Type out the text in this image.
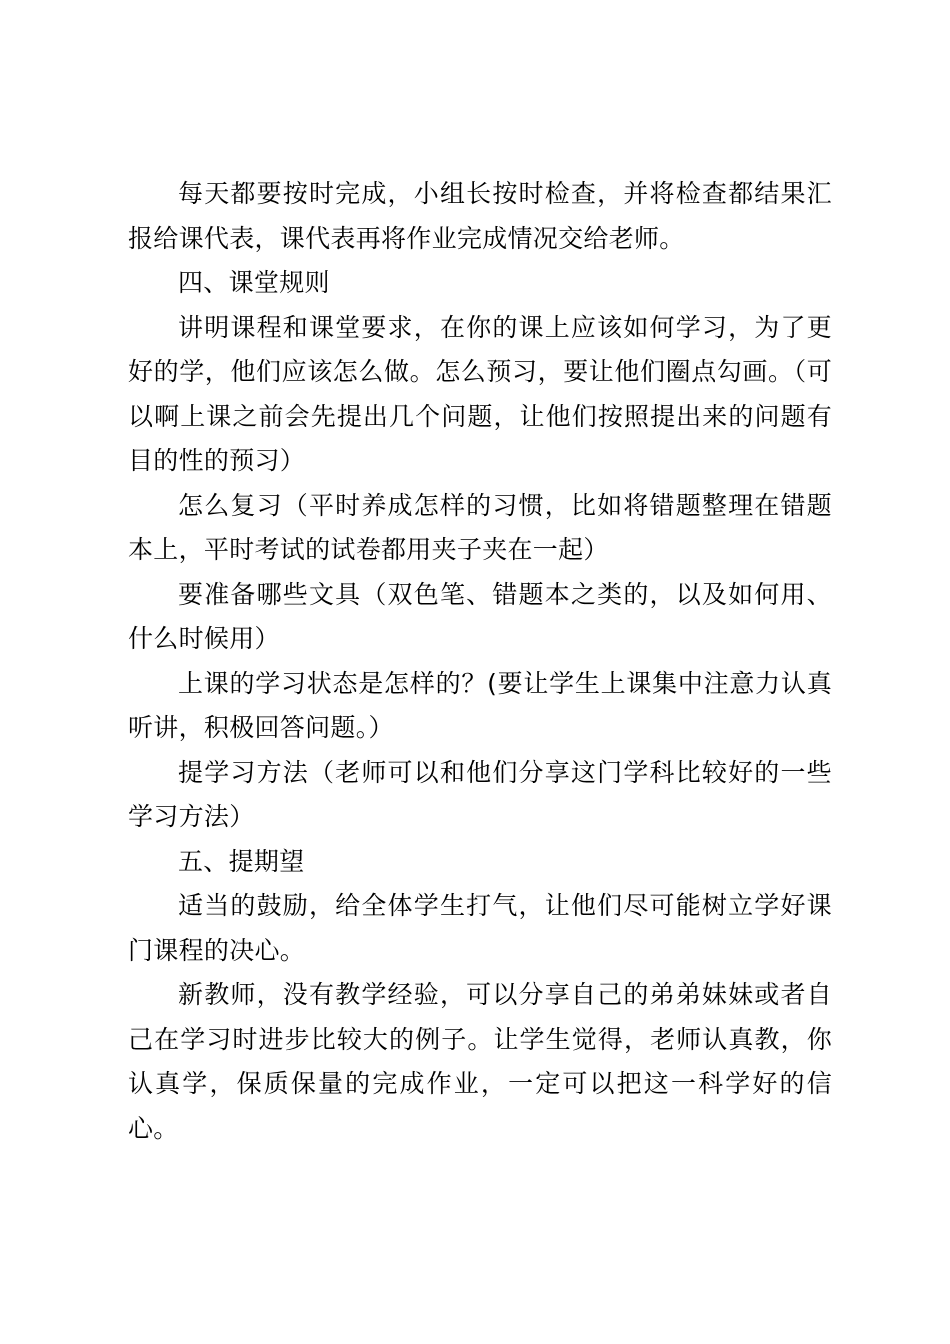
每天都要按时完成，小组长按时检查，并将检查都结果汇报给课代表，课代表再将作业完成情况交给老师。

四、课堂规则

讲明课程和课堂要求，在你的课上应该如何学习，为了更好的学，他们应该怎么做。怎么预习，要让他们圈点勾画。（可以啊上课之前会先提出几个问题，让他们按照提出来的问题有目的性的预习）

怎么复习（平时养成怎样的习惯，比如将错题整理在错题本上，平时考试的试卷都用夹子夹在一起）

要准备哪些文具（双色笔、错题本之类的，以及如何用、什么时候用）

上课的学习状态是怎样的？(要让学生上课集中注意力认真听讲，积极回答问题。）

提学习方法（老师可以和他们分享这门学科比较好的一些学习方法）

五、提期望

适当的鼓励，给全体学生打气，让他们尽可能树立学好课门课程的决心。

新教师，没有教学经验，可以分享自己的弟弟妹妹或者自己在学习时进步比较大的例子。让学生觉得，老师认真教，你认真学，保质保量的完成作业，一定可以把这一科学好的信心。
